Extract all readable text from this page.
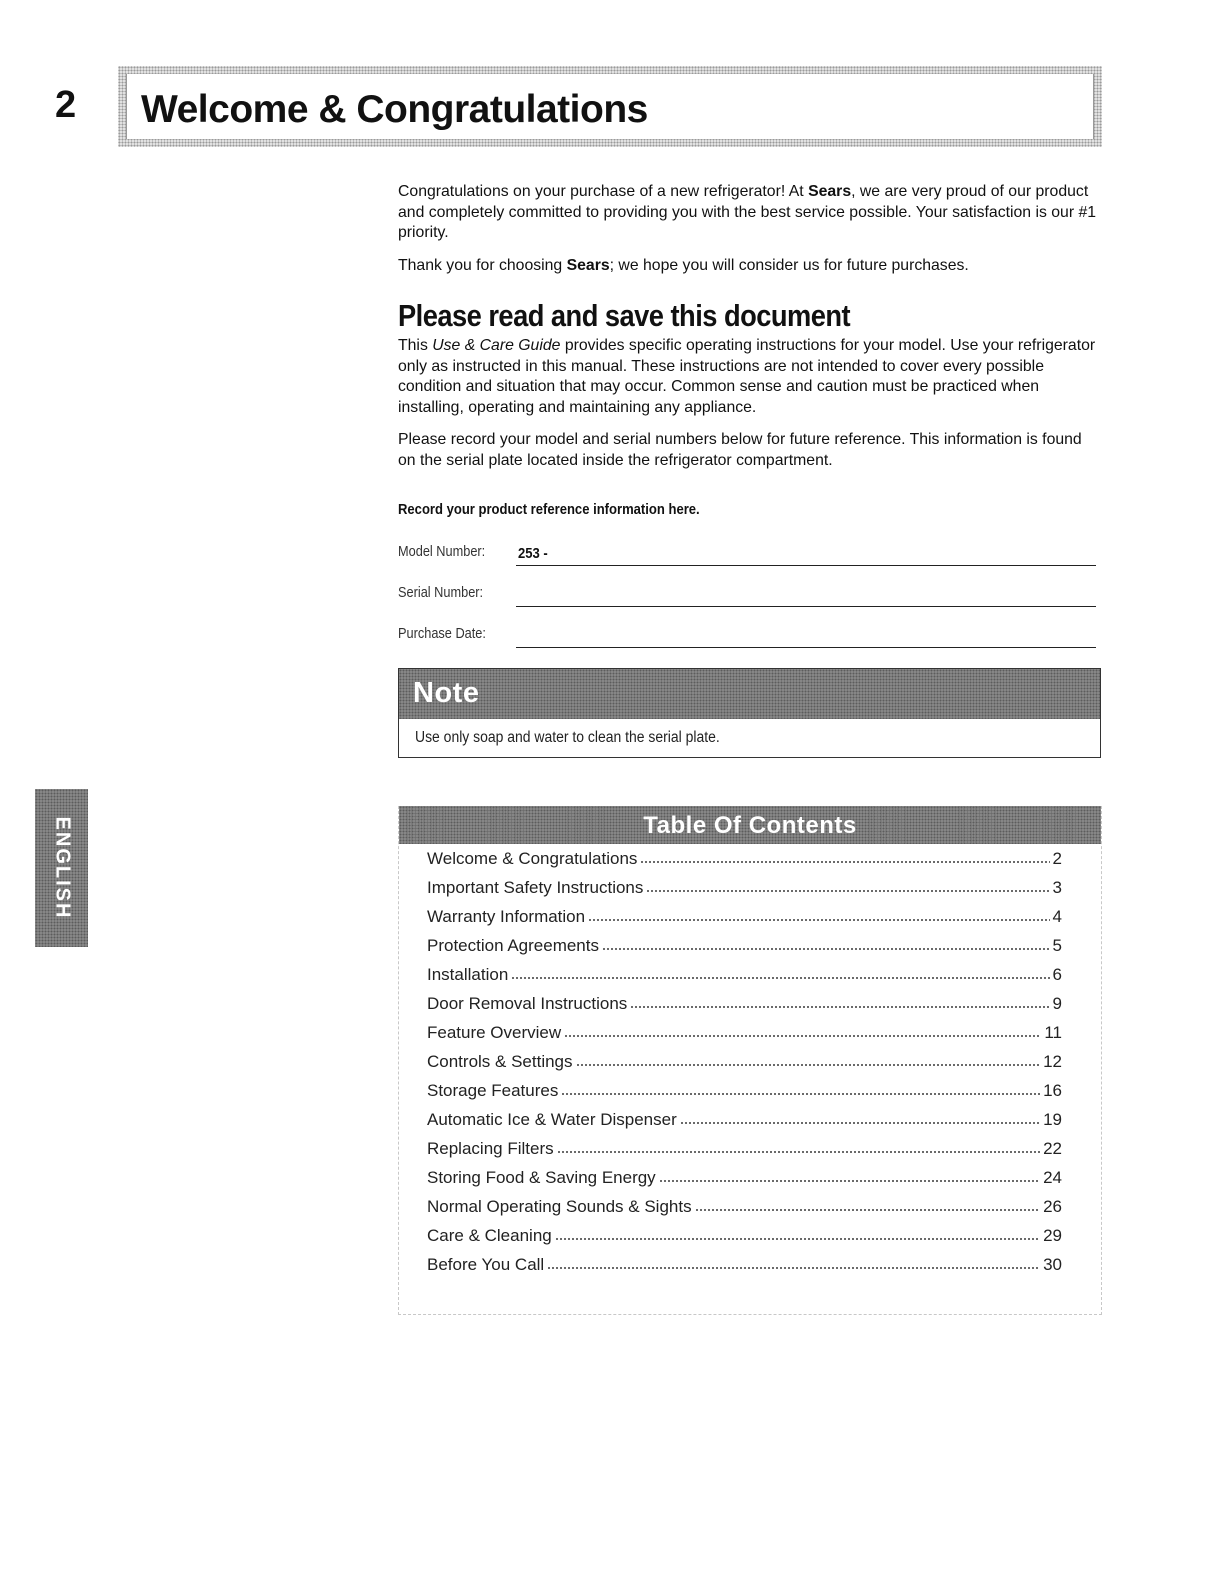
2 Welcome & Congratulations

Congratulations on your purchase of a new refrigerator! At Sears, we are very proud of our product and completely committed to providing you with the best service possible. Your satisfaction is our #1 priority.

Thank you for choosing Sears; we hope you will consider us for future purchases.

Please read and save this document

This Use & Care Guide provides specific operating instructions for your model. Use your refrigerator only as instructed in this manual. These instructions are not intended to cover every possible condition and situation that may occur. Common sense and caution must be practiced when installing, operating and maintaining any appliance.

Please record your model and serial numbers below for future reference. This information is found on the serial plate located inside the refrigerator compartment.

Record your product reference information here.
Model Number: 253 -
Serial Number:
Purchase Date:
Note
Use only soap and water to clean the serial plate.
ENGLISH	Table Of Contents
Welcome & Congratulations	2
Important Safety Instructions	3
Warranty Information	4
Protection Agreements	5
Installation	6
Door Removal Instructions	9
Feature Overview	11
Controls & Settings	12
Storage Features	16
Automatic Ice & Water Dispenser	19
Replacing Filters	22
Storing Food & Saving Energy	24
Normal Operating Sounds & Sights	26
Care & Cleaning	29
Before You Call	30
